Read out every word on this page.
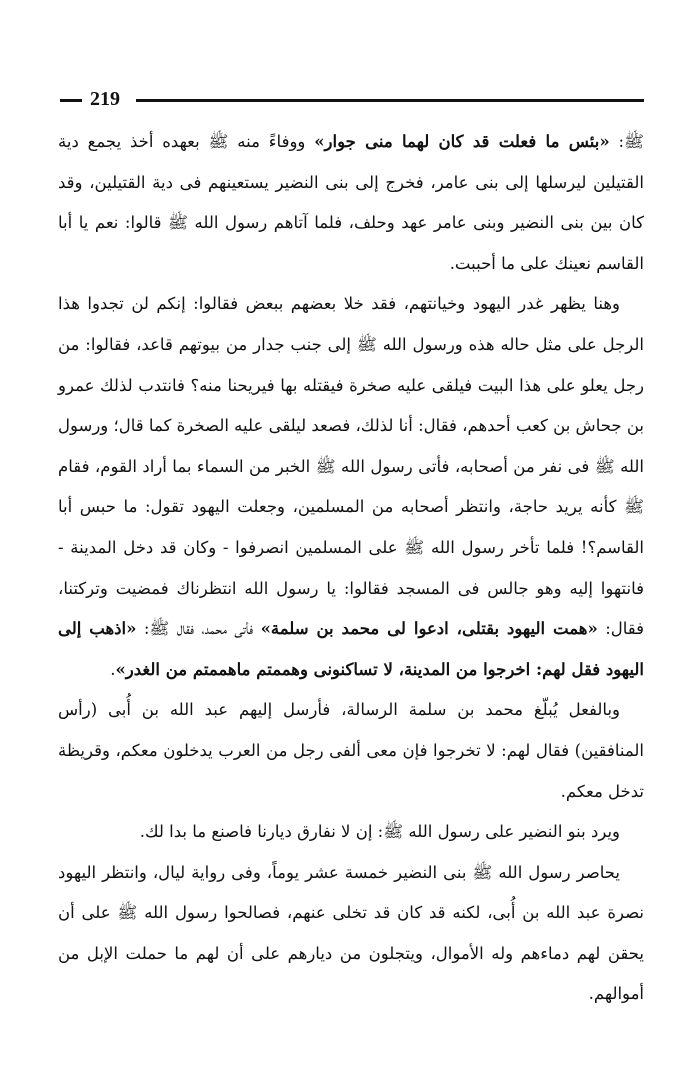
219

ﷺ: «بئس ما فعلت قد كان لهما منى جوار» ووفاءً منه ﷺ بعهده أخذ يجمع دية القتيلين ليرسلها إلى بنى عامر، فخرج إلى بنى النضير يستعينهم فى دية القتيلين، وقد كان بين بنى النضير وبنى عامر عهد وحلف، فلما آتاهم رسول الله ﷺ قالوا: نعم يا أبا القاسم نعينك على ما أحببت.

وهنا يظهر غدر اليهود وخيانتهم، فقد خلا بعضهم ببعض فقالوا: إنكم لن تجدوا هذا الرجل على مثل حاله هذه ورسول الله ﷺ إلى جنب جدار من بيوتهم قاعد، فقالوا: من رجل يعلو على هذا البيت فيلقى عليه صخرة فيقتله بها فيريحنا منه؟ فانتدب لذلك عمرو بن جحاش بن كعب أحدهم، فقال: أنا لذلك، فصعد ليلقى عليه الصخرة كما قال؛ ورسول الله ﷺ فى نفر من أصحابه، فأتى رسول الله ﷺ الخبر من السماء بما أراد القوم، فقام ﷺ كأنه يريد حاجة، وانتظر أصحابه من المسلمين، وجعلت اليهود تقول: ما حبس أبا القاسم؟! فلما تأخر رسول الله ﷺ على المسلمين انصرفوا - وكان قد دخل المدينة - فانتهوا إليه وهو جالس فى المسجد فقالوا: يا رسول الله انتظرناك فمضيت وتركتنا، فقال: «همت اليهود بقتلى، ادعوا لى محمد بن سلمة» فأتى محمد، فقال ﷺ: «اذهب إلى اليهود فقل لهم: اخرجوا من المدينة، لا تساكنونى وهممتم ماهممتم من الغدر».

وبالفعل يُبلّغ محمد بن سلمة الرسالة، فأرسل إليهم عبد الله بن أُبى (رأس المنافقين) فقال لهم: لا تخرجوا فإن معى ألفى رجل من العرب يدخلون معكم، وقريظة تدخل معكم.

ويرد بنو النضير على رسول الله ﷺ: إن لا نفارق ديارنا فاصنع ما بدا لك.

يحاصر رسول الله ﷺ بنى النضير خمسة عشر يوماً، وفى رواية ليال، وانتظر اليهود نصرة عبد الله بن أُبى، لكنه قد كان قد تخلى عنهم، فصالحوا رسول الله ﷺ على أن يحقن لهم دماءهم وله الأموال، ويتجلون من ديارهم على أن لهم ما حملت الإبل من أموالهم.
